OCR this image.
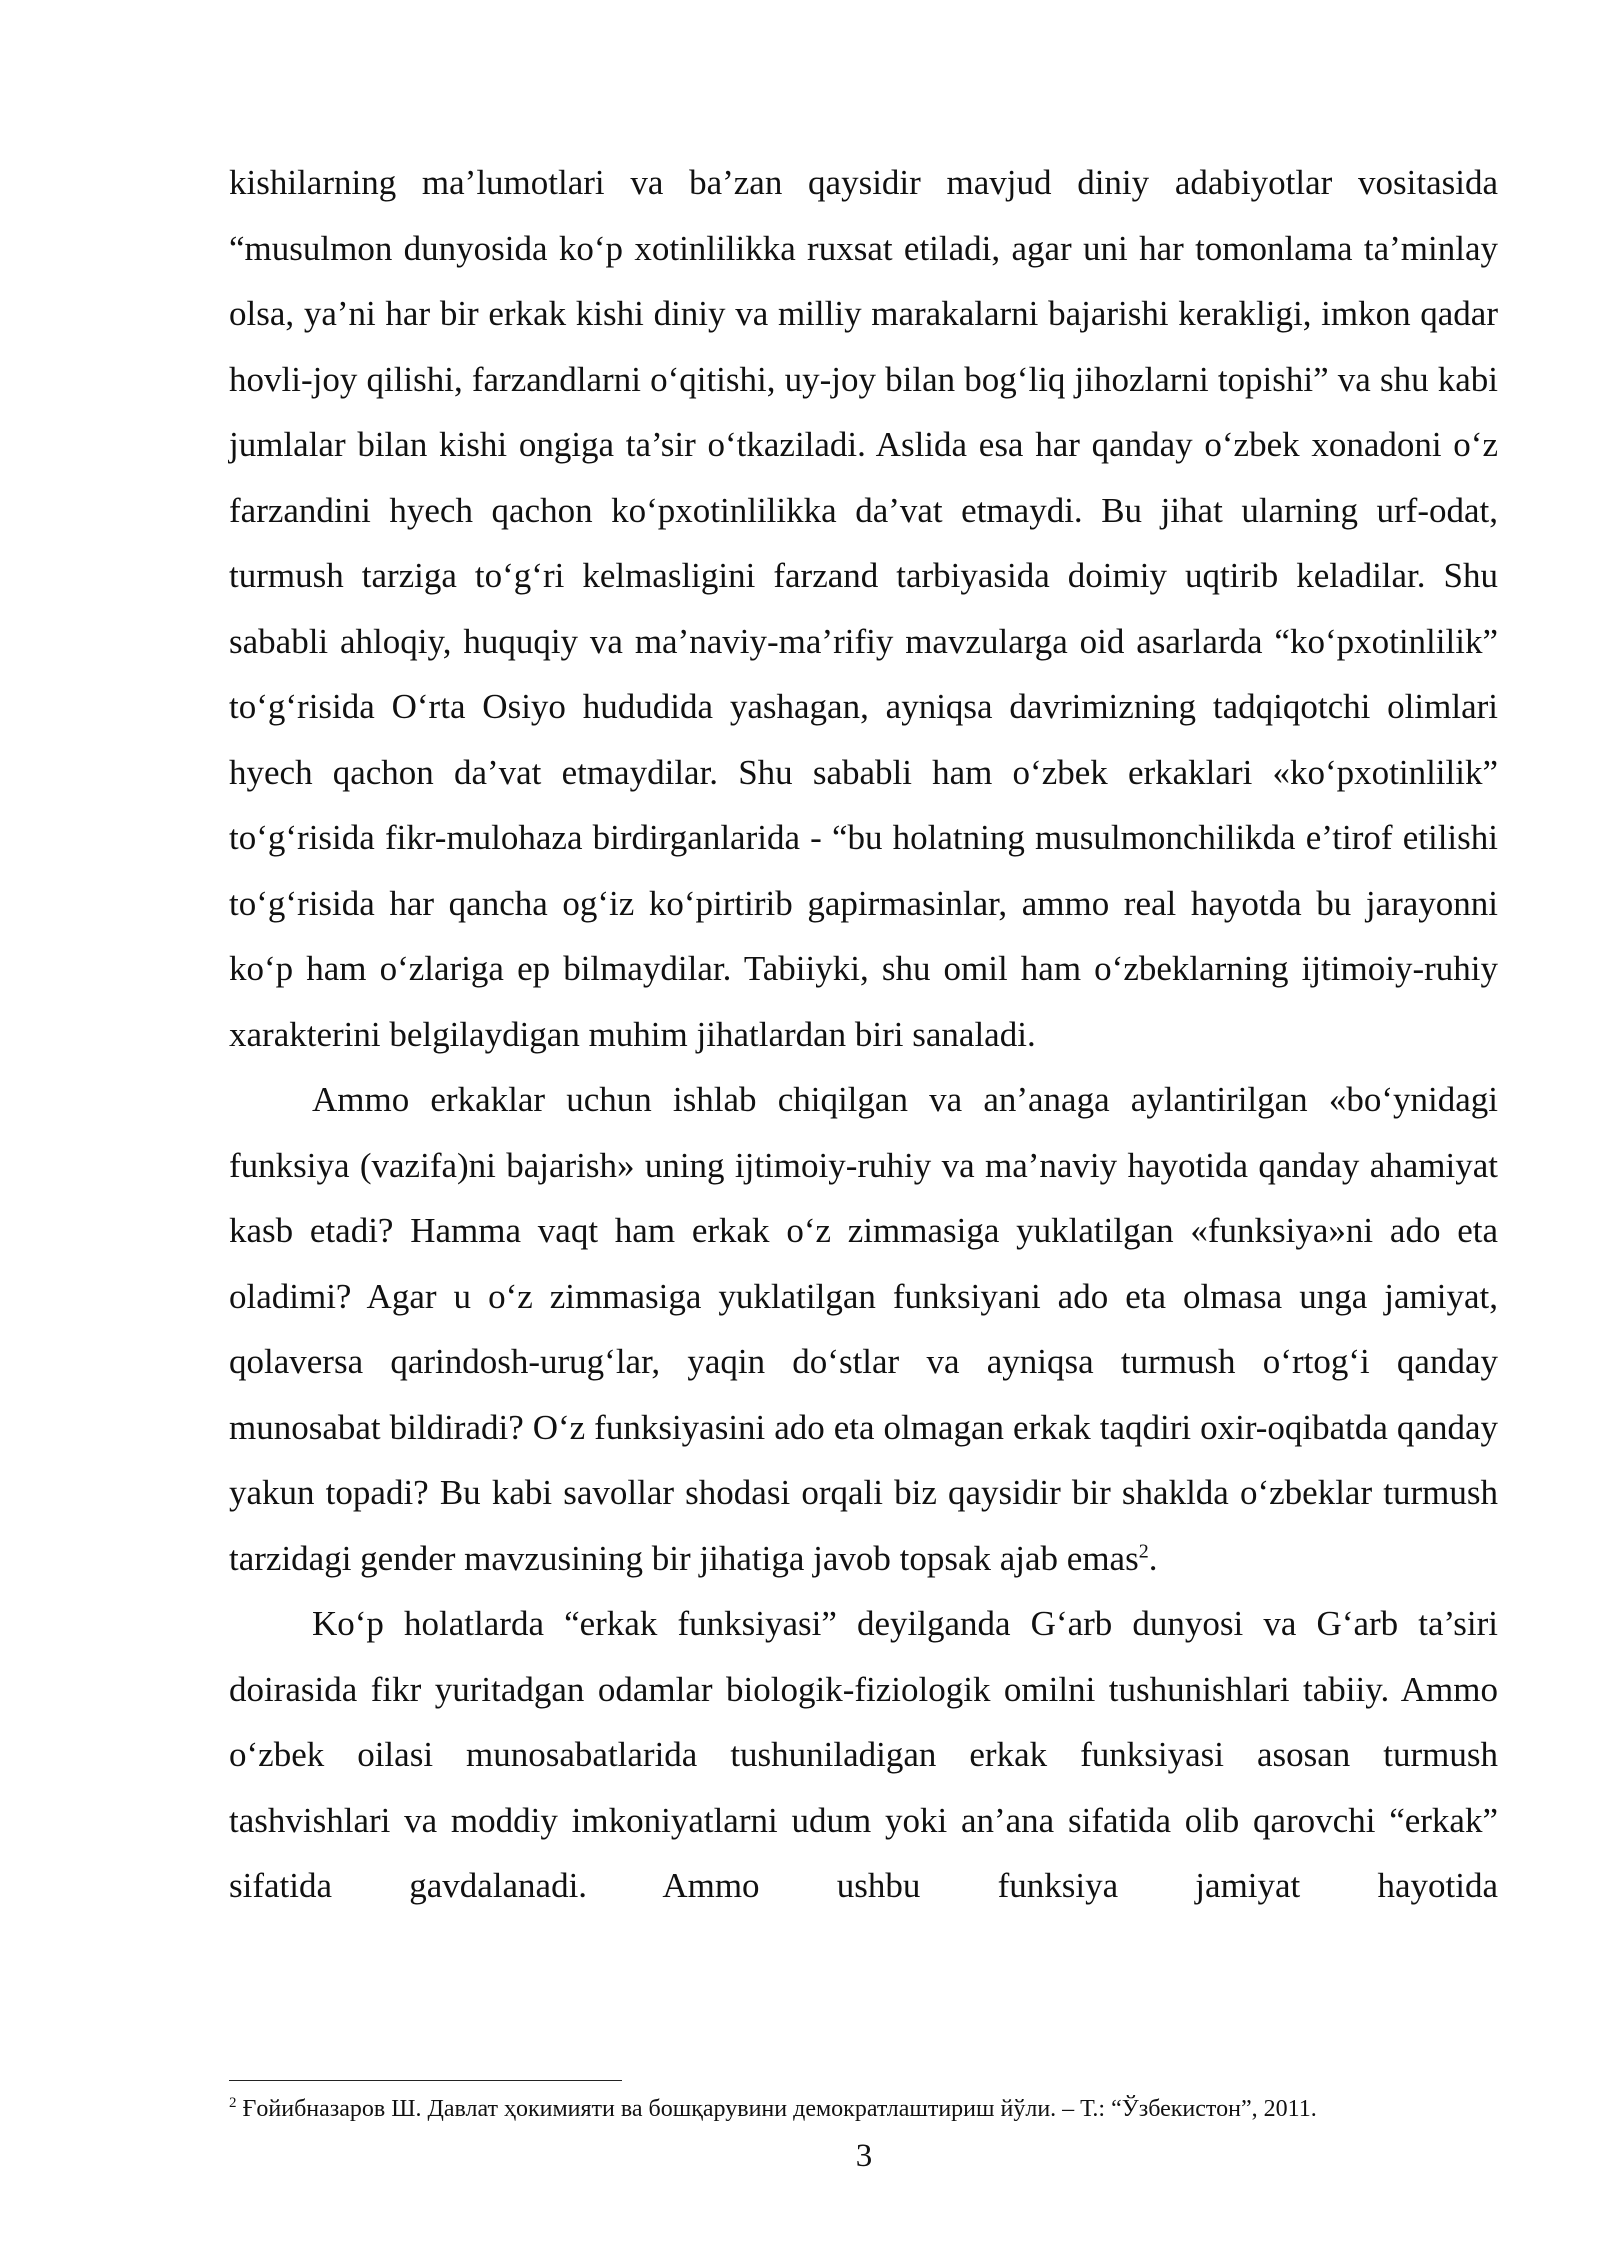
kishilarning ma’lumotlari va ba’zan qaysidir mavjud diniy adabiyotlar vositasida “musulmon dunyosida ko‘p xotinlilikka ruxsat etiladi, agar uni har tomonlama ta’minlay olsa, ya’ni har bir erkak kishi diniy va milliy marakalarni bajarishi kerakligi, imkon qadar hovli-joy qilishi, farzandlarni o‘qitishi, uy-joy bilan bog‘liq jihozlarni topishi” va shu kabi jumlalar bilan kishi ongiga ta’sir o‘tkaziladi. Aslida esa har qanday o‘zbek xonadoni o‘z farzandini hyech qachon ko‘pxotinlilikka da’vat etmaydi. Bu jihat ularning urf-odat, turmush tarziga to‘g‘ri kelmasligini farzand tarbiyasida doimiy uqtirib keladilar. Shu sababli ahloqiy, huquqiy va ma’naviy-ma’rifiy mavzularga oid asarlarda “ko‘pxotinlilik” to‘g‘risida O‘rta Osiyo hududida yashagan, ayniqsa davrimizning tadqiqotchi olimlari hyech qachon da’vat etmaydilar. Shu sababli ham o‘zbek erkaklari «ko‘pxotinlilik” to‘g‘risida fikr-mulohaza birdirganlarida - “bu holatning musulmonchilikda e’tirof etilishi to‘g‘risida har qancha og‘iz ko‘pirtirib gapirmasinlar, ammo real hayotda bu jarayonni ko‘p ham o‘zlariga ep bilmaydilar. Tabiiyki, shu omil ham o‘zbeklarning ijtimoiy-ruhiy xarakterini belgilaydigan muhim jihatlardan biri sanaladi.

Ammo erkaklar uchun ishlab chiqilgan va an’anaga aylantirilgan «bo‘ynidagi funksiya (vazifa)ni bajarish» uning ijtimoiy-ruhiy va ma’naviy hayotida qanday ahamiyat kasb etadi? Hamma vaqt ham erkak o‘z zimmasiga yuklatilgan «funksiya»ni ado eta oladimi? Agar u o‘z zimmasiga yuklatilgan funksiyani ado eta olmasa unga jamiyat, qolaversa qarindosh-urug‘lar, yaqin do‘stlar va ayniqsa turmush o‘rtog‘i qanday munosabat bildiradi? O‘z funksiyasini ado eta olmagan erkak taqdiri oxir-oqibatda qanday yakun topadi? Bu kabi savollar shodasi orqali biz qaysidir bir shaklda o‘zbeklar turmush tarzidagi gender mavzusining bir jihatiga javob topsak ajab emas$^2$.

Ko‘p holatlarda “erkak funksiyasi” deyilganda G‘arb dunyosi va G‘arb ta’siri doirasida fikr yuritadgan odamlar biologik-fiziologik omilni tushunishlari tabiiy. Ammo o‘zbek oilasi munosabatlarida tushuniladigan erkak funksiyasi asosan turmush tashvishlari va moddiy imkoniyatlarni udum yoki an’ana sifatida olib qarovchi “erkak” sifatida gavdalanadi. Ammo ushbu funksiya jamiyat hayotida

$^2$ Ғойибназаров Ш. Давлат ҳокимияти ва бошқарувини демократлаштириш йўли. – Т.: “Ўзбекистон”, 2011.

3
